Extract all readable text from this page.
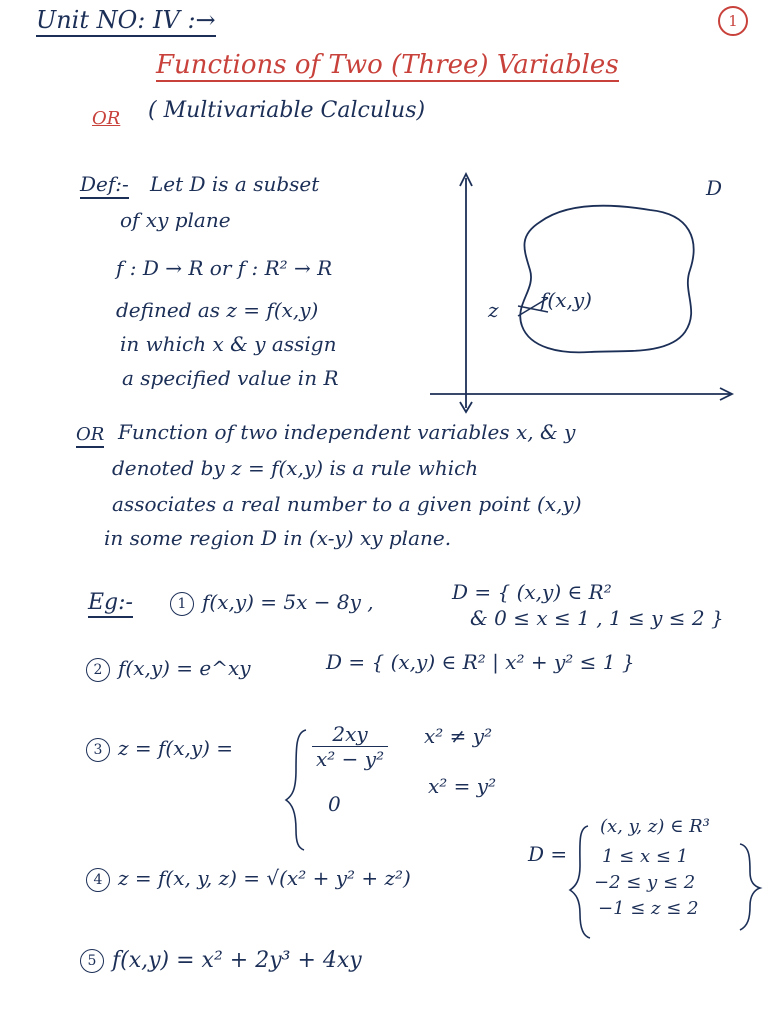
Unit NO: IV :→	1
Functions of Two (Three) Variables
OR ( Multivariable Calculus)
Def:- Let D is a subset
of xy plane
f : D → R or f : R² → R
defined as z = f(x,y)
in which x & y assign
a specified value in R
D
z f(x,y)
OR Function of two independent variables x, & y
denoted by z = f(x,y) is a rule which
associates a real number to a given point (x,y)
in some region D in (x-y) xy plane.
Eg:-	1 f(x,y) = 5x − 8y ,	D = { (x,y) ∈ R²
& 0 ≤ x ≤ 1 , 1 ≤ y ≤ 2 }
2 f(x,y) = e^xy	D = { (x,y) ∈ R² | x² + y² ≤ 1 }
3 z = f(x,y) =	$\frac{2xy}{\text{x² − y²}}$
0
x² ≠ y²
x² = y²
4 z = f(x, y, z) = √(x² + y² + z²)
D =
(x, y, z) ∈ R³
1 ≤ x ≤ 1
−2 ≤ y ≤ 2
−1 ≤ z ≤ 2
5 f(x,y) = x² + 2y³ + 4xy
